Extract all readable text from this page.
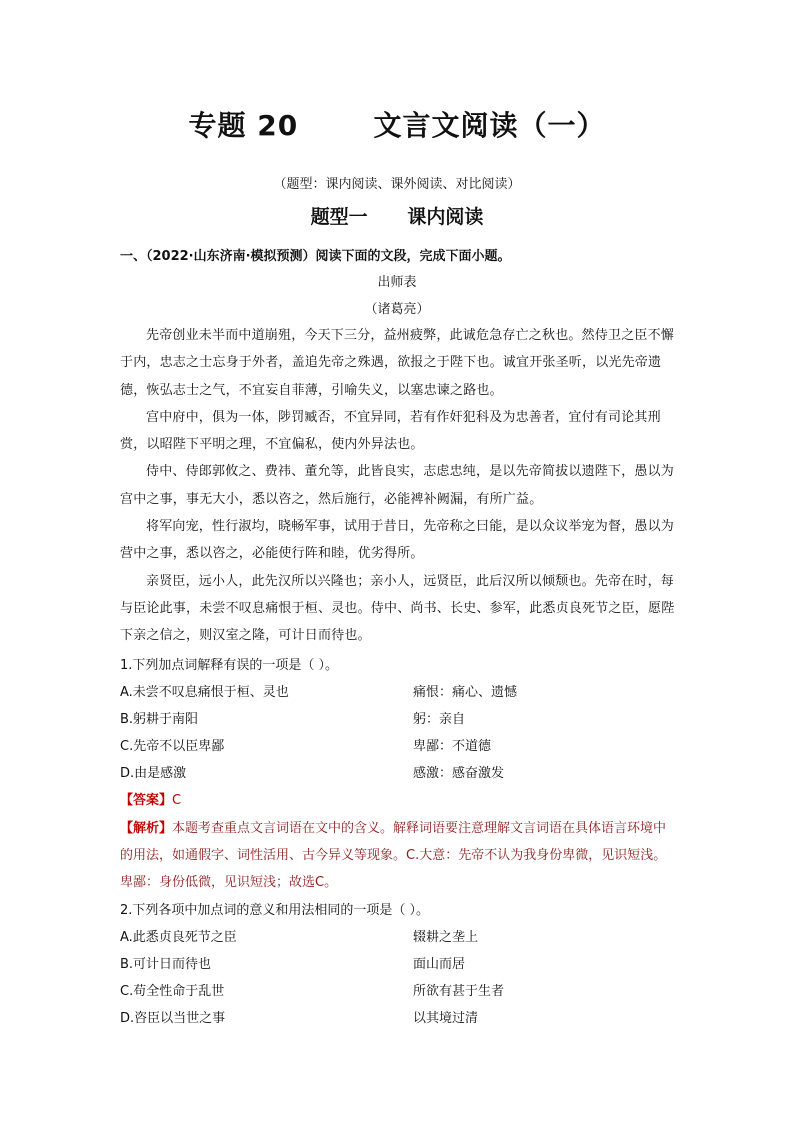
专题 20       文言文阅读（一）
（题型：课内阅读、课外阅读、对比阅读）
题型一      课内阅读
一、（2022·山东济南·模拟预测）阅读下面的文段，完成下面小题。
出师表
（诸葛亮）

先帝创业未半而中道崩殂，今天下三分，益州疲弊，此诚危急存亡之秋也。然侍卫之臣不懈于内，忠志之士忘身于外者，盖追先帝之殊遇，欲报之于陛下也。诚宜开张圣听，以光先帝遗德，恢弘志士之气，不宜妄自菲薄，引喻失义，以塞忠谏之路也。

宫中府中，俱为一体，陟罚臧否，不宜异同，若有作奸犯科及为忠善者，宜付有司论其刑赏，以昭陛下平明之理，不宜偏私，使内外异法也。

侍中、侍郎郭攸之、费祎、董允等，此皆良实，志虑忠纯，是以先帝简拔以遗陛下，愚以为宫中之事，事无大小，悉以咨之，然后施行，必能裨补阙漏，有所广益。

将军向宠，性行淑均，晓畅军事，试用于昔日，先帝称之曰能，是以众议举宠为督，愚以为营中之事，悉以咨之，必能使行阵和睦，优劣得所。

亲贤臣，远小人，此先汉所以兴隆也；亲小人，远贤臣，此后汉所以倾颓也。先帝在时，每与臣论此事，未尝不叹息痛恨于桓、灵也。侍中、尚书、长史、参军，此悉贞良死节之臣，愿陛下亲之信之，则汉室之隆，可计日而待也。

1.下列加点词解释有误的一项是（ ）。
A.未尝不叹息痛恨于桓、灵也	痛恨：痛心、遗憾
B.躬耕于南阳	躬：亲自
C.先帝不以臣卑鄙	卑鄙：不道德
D.由是感激	感激：感奋激发
【答案】C
【解析】本题考查重点文言词语在文中的含义。解释词语要注意理解文言词语在具体语言环境中的用法，如通假字、词性活用、古今异义等现象。C.大意：先帝不认为我身份卑微，见识短浅。卑鄙：身份低微，见识短浅；故选C。
2.下列各项中加点词的意义和用法相同的一项是（ ）。
A.此悉贞良死节之臣	辍耕之垄上
B.可计日而待也	面山而居
C.苟全性命于乱世	所欲有甚于生者
D.咨臣以当世之事	以其境过清
